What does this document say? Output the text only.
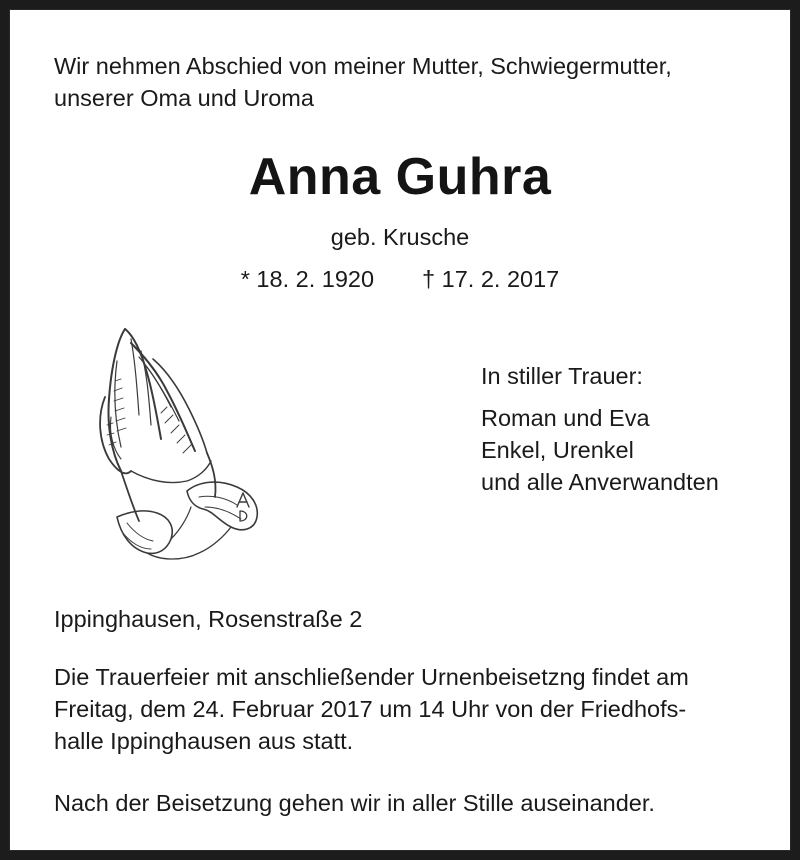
Wir nehmen Abschied von meiner Mutter, Schwiegermutter,
unserer Oma und Uroma
Anna Guhra
geb. Krusche
* 18. 2. 1920 † 17. 2. 2017
In stiller Trauer:
Roman und Eva
Enkel, Urenkel
und alle Anverwandten
Ippinghausen, Rosenstraße 2
Die Trauerfeier mit anschließender Urnenbeisetzng findet am
Freitag, dem 24. Februar 2017 um 14 Uhr von der Friedhofs-
halle Ippinghausen aus statt.
Nach der Beisetzung gehen wir in aller Stille auseinander.
